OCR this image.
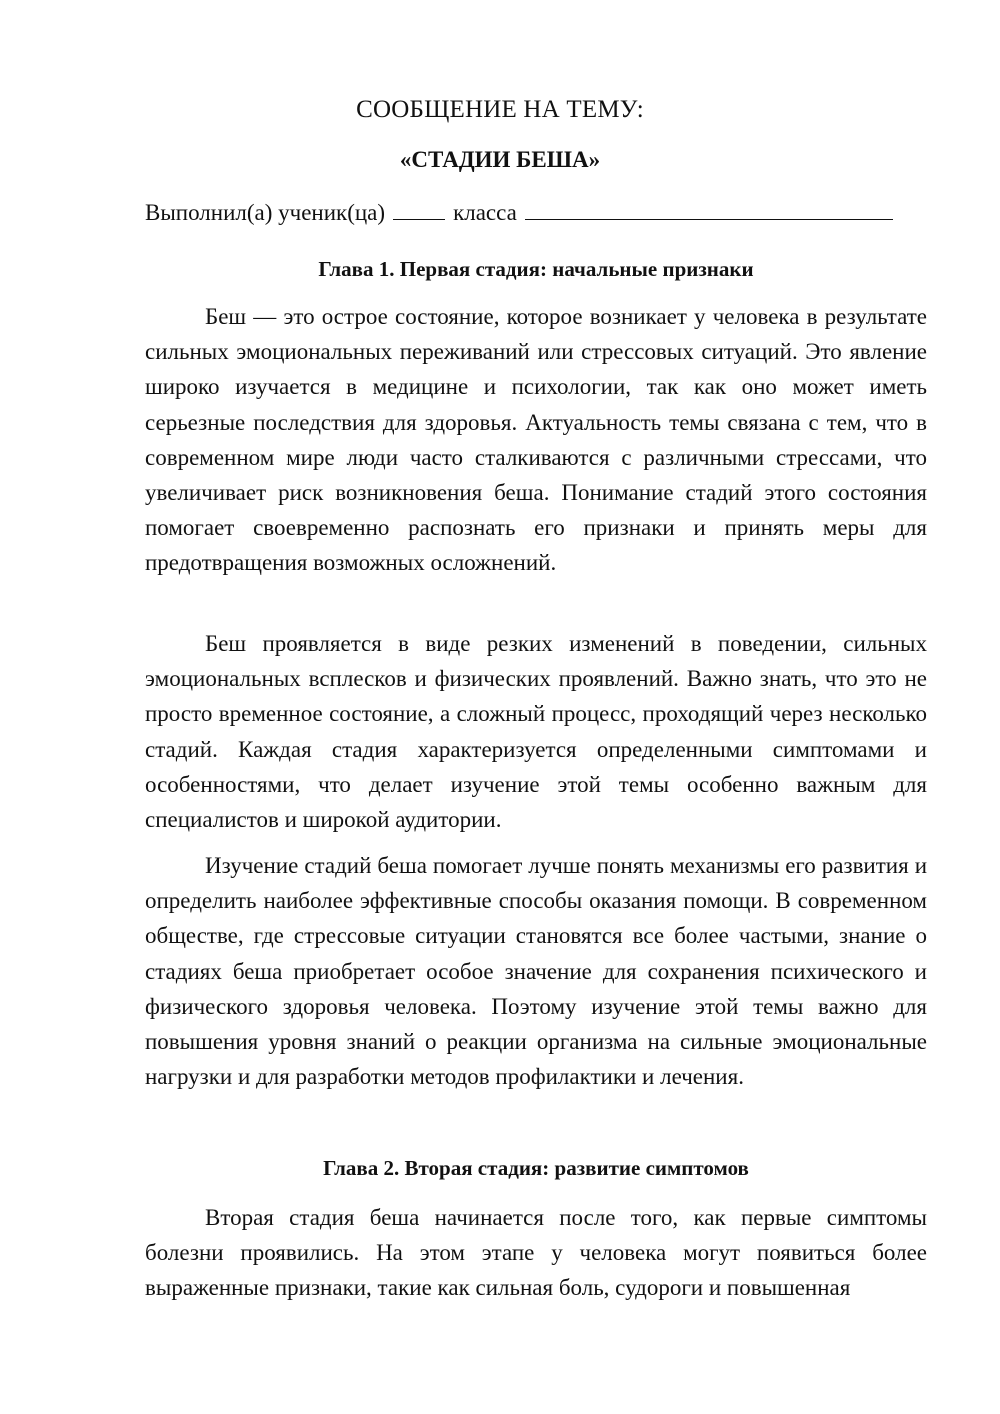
СООБЩЕНИЕ НА ТЕМУ:
«СТАДИИ БЕША»
Выполнил(а) ученик(ца)	класса
Глава 1. Первая стадия: начальные признаки

Беш — это острое состояние, которое возникает у человека в результате сильных эмоциональных переживаний или стрессовых ситуаций. Это явление широко изучается в медицине и психологии, так как оно может иметь серьезные последствия для здоровья. Актуальность темы связана с тем, что в современном мире люди часто сталкиваются с различными стрессами, что увеличивает риск возникновения беша. Понимание стадий этого состояния помогает своевременно распознать его признаки и принять меры для предотвращения возможных осложнений.

Беш проявляется в виде резких изменений в поведении, сильных эмоциональных всплесков и физических проявлений. Важно знать, что это не просто временное состояние, а сложный процесс, проходящий через несколько стадий. Каждая стадия характеризуется определенными симптомами и особенностями, что делает изучение этой темы особенно важным для специалистов и широкой аудитории.

Изучение стадий беша помогает лучше понять механизмы его развития и определить наиболее эффективные способы оказания помощи. В современном обществе, где стрессовые ситуации становятся все более частыми, знание о стадиях беша приобретает особое значение для сохранения психического и физического здоровья человека. Поэтому изучение этой темы важно для повышения уровня знаний о реакции организма на сильные эмоциональные нагрузки и для разработки методов профилактики и лечения.

Глава 2. Вторая стадия: развитие симптомов

Вторая стадия беша начинается после того, как первые симптомы болезни проявились. На этом этапе у человека могут появиться более выраженные признаки, такие как сильная боль, судороги и повышенная
